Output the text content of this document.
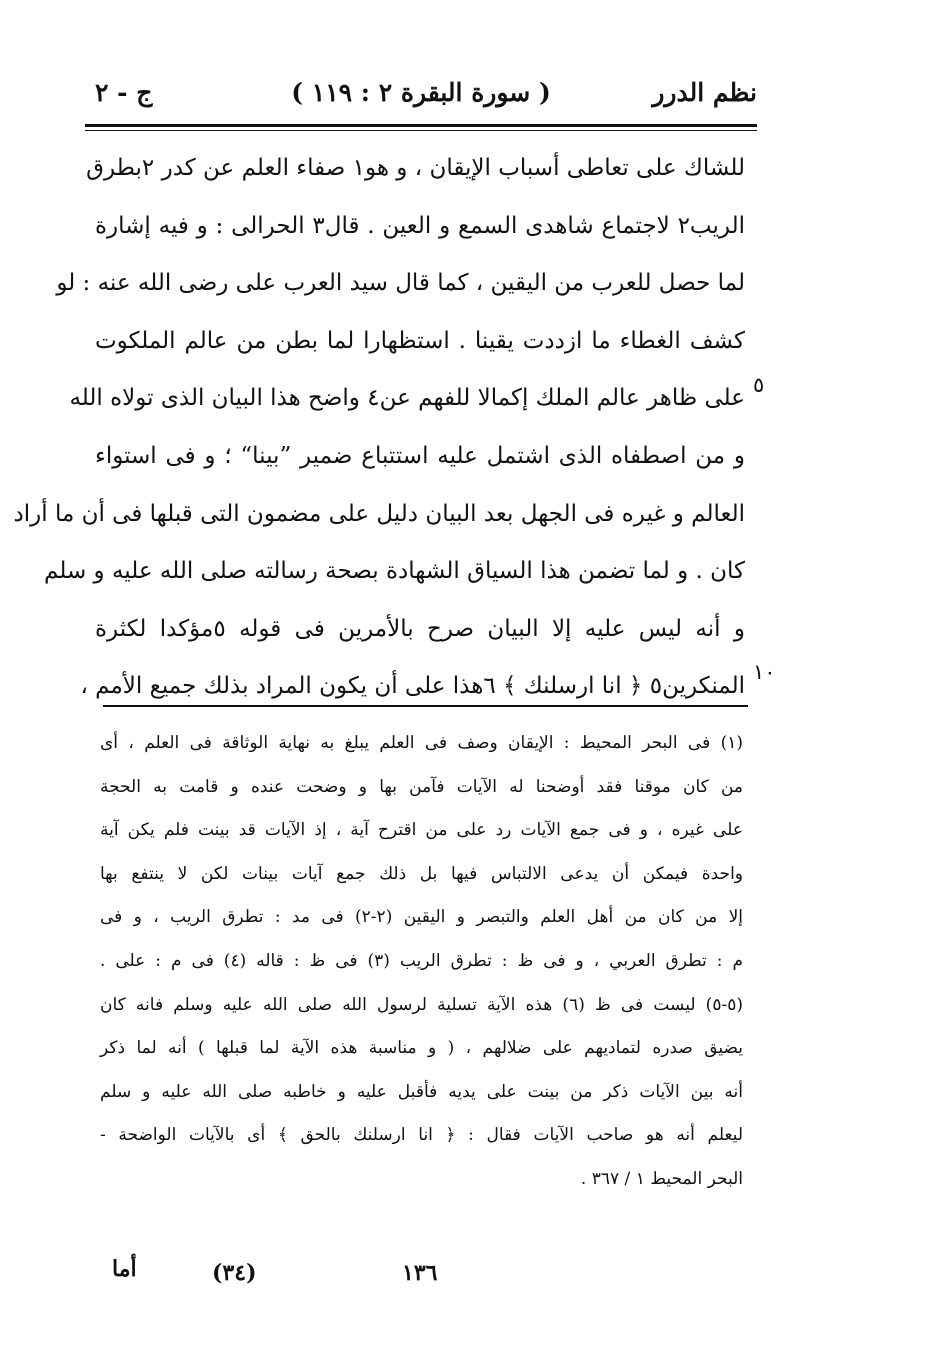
نظم الدرر
( سورة البقرة ٢ : ١١٩ )
ج - ٢
للشاك على تعاطى أسباب الإيقان ، و هو١ صفاء العلم عن كدر ٢بطرق
الريب٢ لاجتماع شاهدى السمع و العين . قال٣ الحرالى : و فيه إشارة
لما حصل للعرب من اليقين ، كما قال سيد العرب على رضى الله عنه : لو
كشف الغطاء ما ازددت يقينا . استظهارا لما بطن من عالم الملكوت
على ظاهر عالم الملك إكمالا للفهم عن٤ واضح هذا البيان الذى تولاه الله
و من اصطفاه الذى اشتمل عليه استتباع ضمير ”بينا“ ؛ و فى استواء
العالم و غيره فى الجهل بعد البيان دليل على مضمون التى قبلها فى أن ما أراد
كان . و لما تضمن هذا السياق الشهادة بصحة رسالته صلى الله عليه و سلم
و أنه ليس عليه إلا البيان صرح بالأمرين فى قوله ٥مؤكدا لكثرة
المنكرين٥ ﴿ انا ارسلنك ﴾ ٦هذا على أن يكون المراد بذلك جميع الأمم ،
٥
١٠
(١) فى البحر المحيط : الإيقان وصف فى العلم يبلغ به نهاية الوثاقة فى العلم ، أى
من كان موقنا فقد أوضحنا له الآيات فآمن بها و وضحت عنده و قامت به الحجة
على غيره ، و فى جمع الآيات رد على من اقترح آية ، إذ الآيات قد بينت فلم يكن آية
واحدة فيمكن أن يدعى الالتباس فيها بل ذلك جمع آيات بينات لكن لا ينتفع بها
إلا من كان من أهل العلم والتبصر و اليقين (٢-٢) فى مد : تطرق الريب ، و فى
م : تطرق العربي ، و فى ظ : تطرق الريب (٣) فى ظ : قاله (٤) فى م : على .
(٥-٥) ليست فى ظ (٦) هذه الآية تسلية لرسول الله صلى الله عليه وسلم فانه كان
يضيق صدره لتماديهم على ضلالهم ، ( و مناسبة هذه الآية لما قبلها ) أنه لما ذكر
أنه بين الآيات ذكر من بينت على يديه فأقبل عليه و خاطبه صلى الله عليه و سلم
ليعلم أنه هو صاحب الآيات فقال : ﴿ انا ارسلنك بالحق ﴾ أى بالآيات الواضحة -
البحر المحيط ١ / ٣٦٧ .
أما	(٣٤)	١٣٦
